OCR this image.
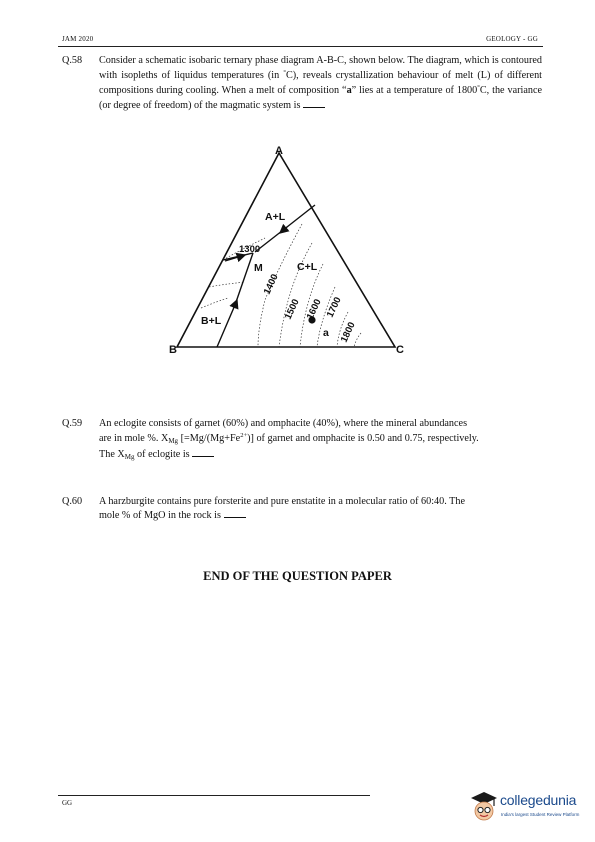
JAM 2020	GEOLOGY - GG
Q.58 Consider a schematic isobaric ternary phase diagram A-B-C, shown below. The diagram, which is contoured with isopleths of liquidus temperatures (in °C), reveals crystallization behaviour of melt (L) of different compositions during cooling. When a melt of composition “a” lies at a temperature of 1800°C, the variance (or degree of freedom) of the magmatic system is
A
B	C
A+L
B+L
C+L
M
a
1300
1400
1500 1600 1700
1800
Q.59 An eclogite consists of garnet (60%) and omphacite (40%), where the mineral abundances
are in mole %. $X_{Mg}$ $[=Mg/(Mg+Fe^{2+})]$ of garnet and omphacite is 0.50 and 0.75, respectively.
The $X_{Mg}$ of eclogite is
Q.60 A harzburgite contains pure forsterite and pure enstatite in a molecular ratio of 60:40. The
mole % of MgO in the rock is
END OF THE QUESTION PAPER
GG	collegedunia
India's largest Student Review Platform
